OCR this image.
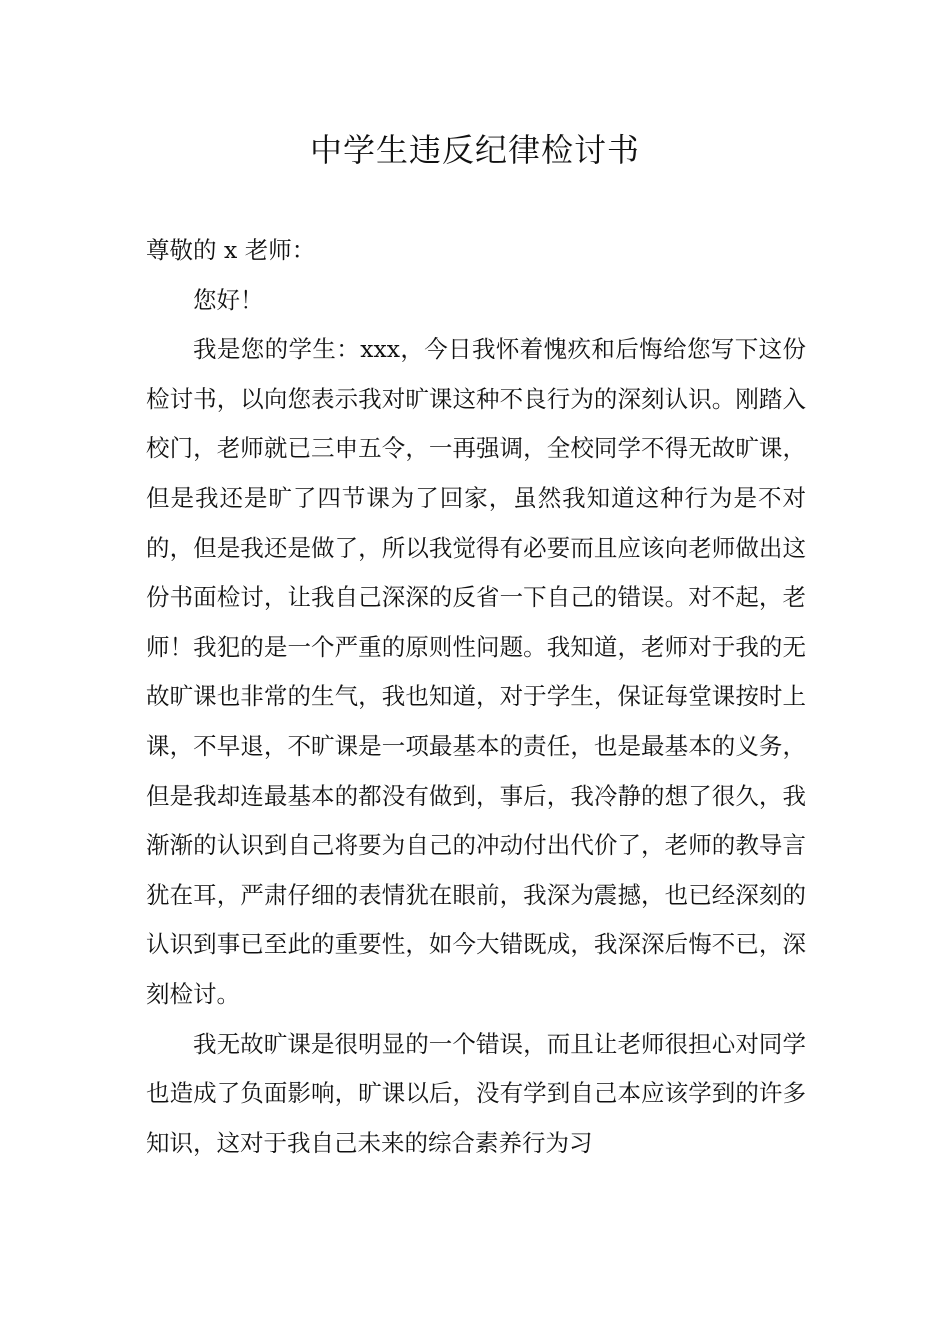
中学生违反纪律检讨书

尊敬的 x 老师：

您好！

我是您的学生：xxx，今日我怀着愧疚和后悔给您写下这份检讨书，以向您表示我对旷课这种不良行为的深刻认识。刚踏入校门，老师就已三申五令，一再强调，全校同学不得无故旷课，但是我还是旷了四节课为了回家，虽然我知道这种行为是不对的，但是我还是做了，所以我觉得有必要而且应该向老师做出这份书面检讨，让我自己深深的反省一下自己的错误。对不起，老师！我犯的是一个严重的原则性问题。我知道，老师对于我的无故旷课也非常的生气，我也知道，对于学生，保证每堂课按时上课，不早退，不旷课是一项最基本的责任，也是最基本的义务，但是我却连最基本的都没有做到，事后，我冷静的想了很久，我渐渐的认识到自己将要为自己的冲动付出代价了，老师的教导言犹在耳，严肃仔细的表情犹在眼前，我深为震撼，也已经深刻的认识到事已至此的重要性，如今大错既成，我深深后悔不已，深刻检讨。

我无故旷课是很明显的一个错误，而且让老师很担心对同学也造成了负面影响，旷课以后，没有学到自己本应该学到的许多知识，这对于我自己未来的综合素养行为习
